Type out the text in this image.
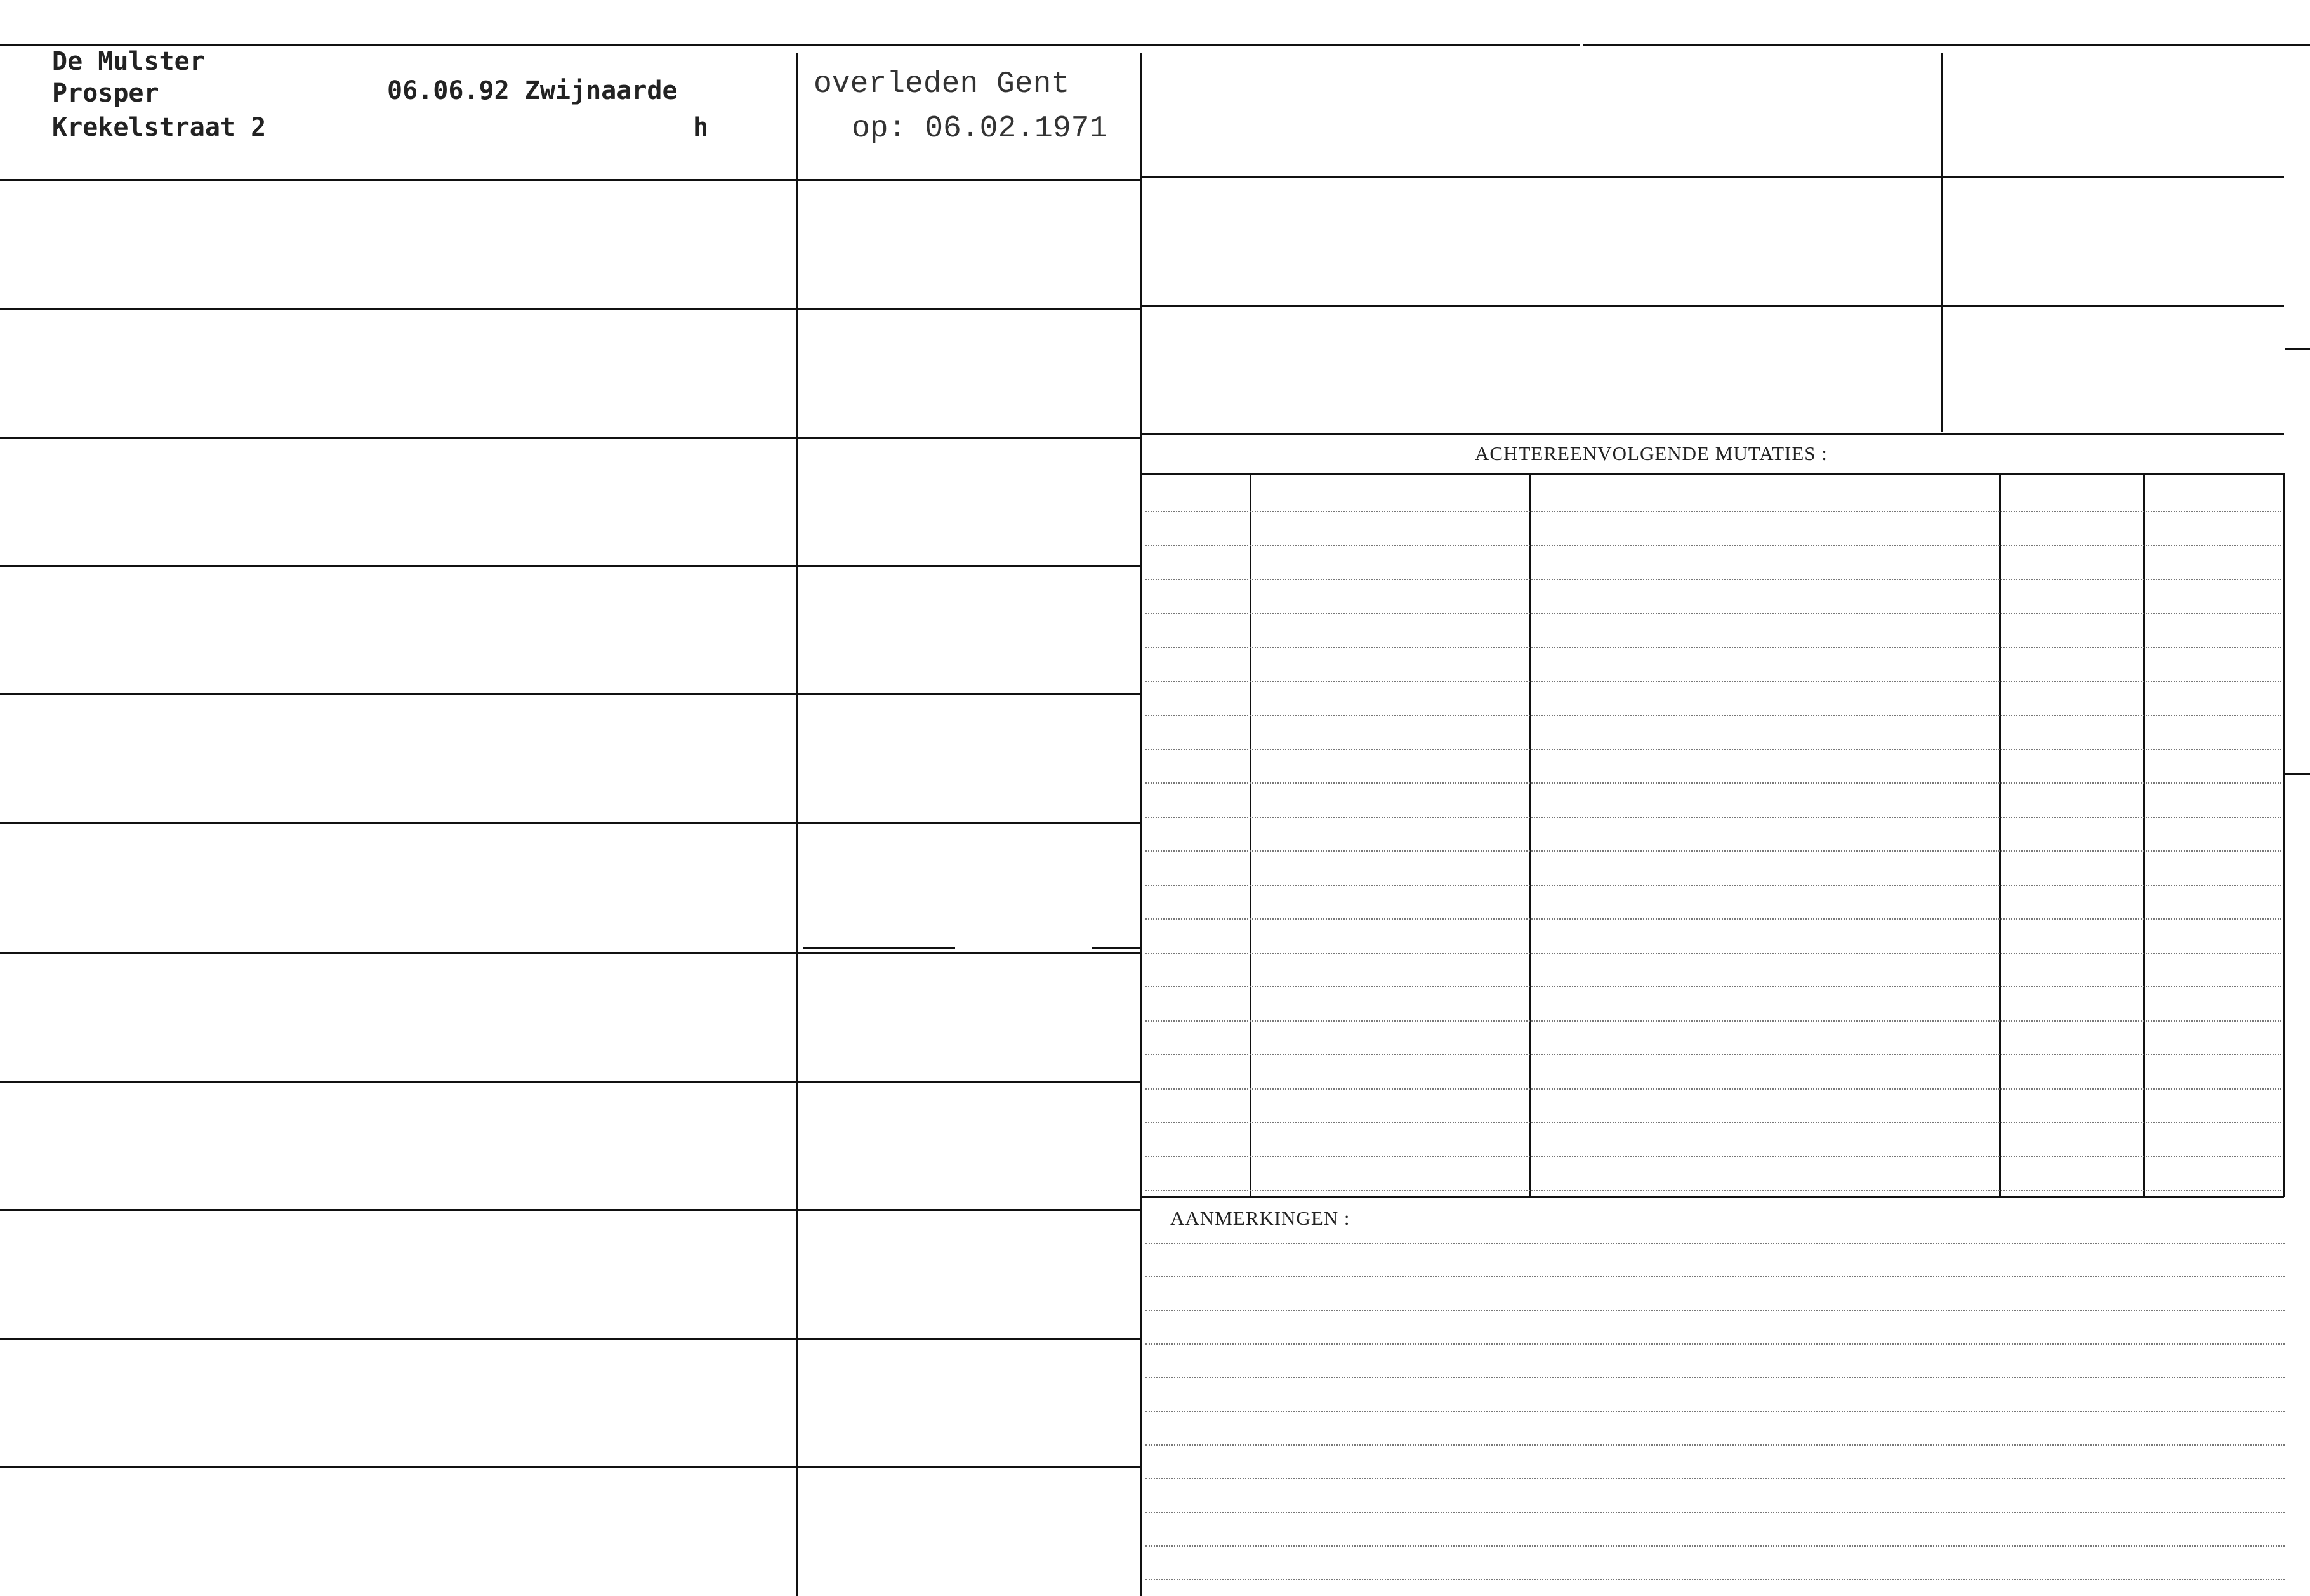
De Mulster
Prosper
Krekelstraat 2
06.06.92 Zwijnaarde
h
overleden Gent
op: 06.02.1971
ACHTEREENVOLGENDE MUTATIES :
AANMERKINGEN :
